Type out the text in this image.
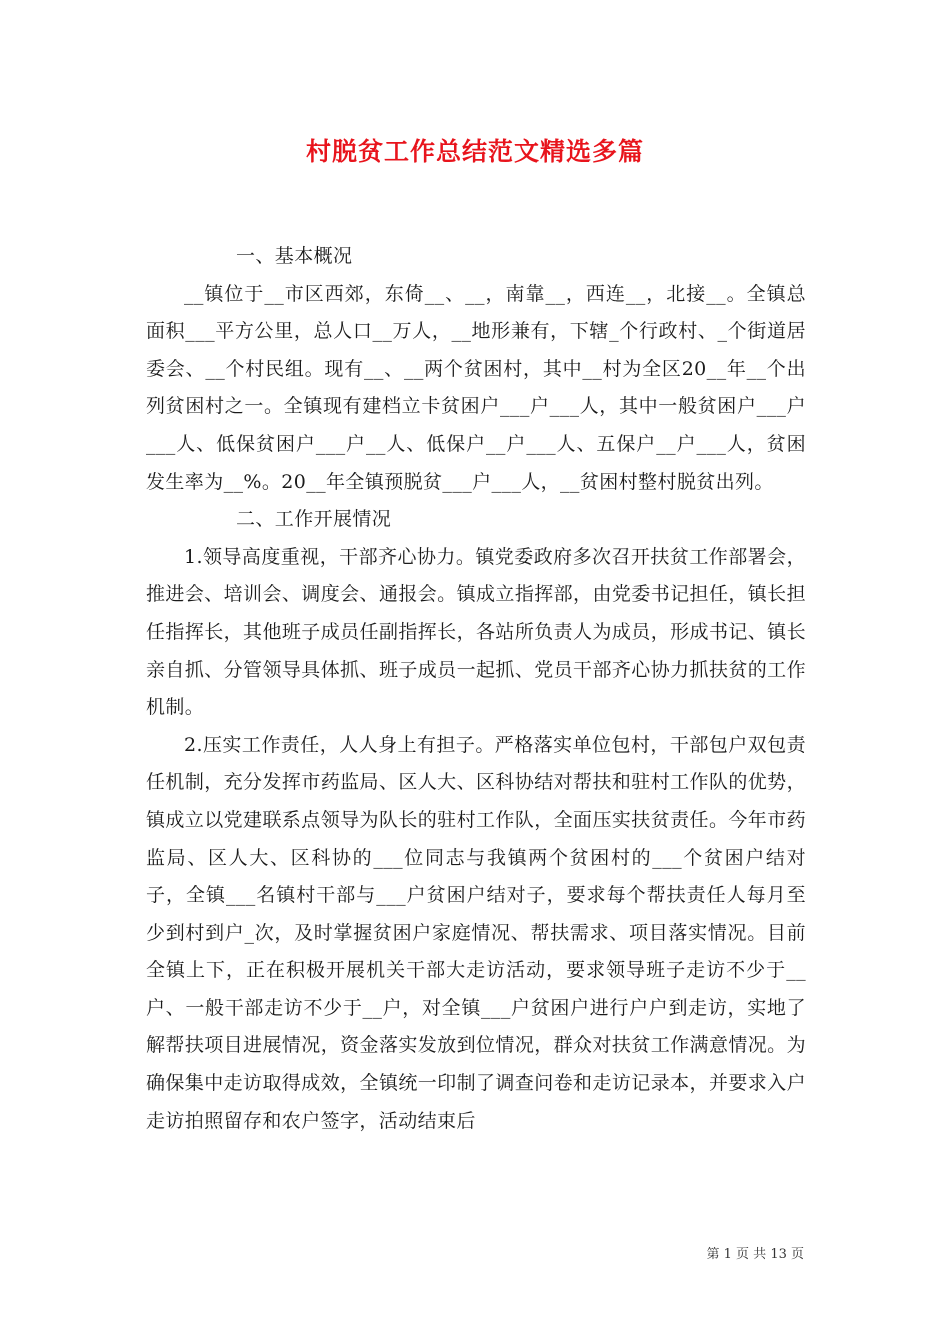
村脱贫工作总结范文精选多篇

一、基本概况

__镇位于__市区西郊，东倚__、__，南靠__，西连__，北接__。全镇总面积___平方公里，总人口__万人，__地形兼有，下辖_个行政村、_个街道居委会、__个村民组。现有__、__两个贫困村，其中__村为全区20__年__个出列贫困村之一。全镇现有建档立卡贫困户___户___人，其中一般贫困户___户___人、低保贫困户___户__人、低保户__户___人、五保户__户___人，贫困发生率为__%。20__年全镇预脱贫___户___人，__贫困村整村脱贫出列。

二、工作开展情况

1.领导高度重视，干部齐心协力。镇党委政府多次召开扶贫工作部署会，推进会、培训会、调度会、通报会。镇成立指挥部，由党委书记担任，镇长担任指挥长，其他班子成员任副指挥长，各站所负责人为成员，形成书记、镇长亲自抓、分管领导具体抓、班子成员一起抓、党员干部齐心协力抓扶贫的工作机制。

2.压实工作责任，人人身上有担子。严格落实单位包村，干部包户双包责任机制，充分发挥市药监局、区人大、区科协结对帮扶和驻村工作队的优势，镇成立以党建联系点领导为队长的驻村工作队，全面压实扶贫责任。今年市药监局、区人大、区科协的___位同志与我镇两个贫困村的___个贫困户结对子，全镇___名镇村干部与___户贫困户结对子，要求每个帮扶责任人每月至少到村到户_次，及时掌握贫困户家庭情况、帮扶需求、项目落实情况。目前全镇上下，正在积极开展机关干部大走访活动，要求领导班子走访不少于__户、一般干部走访不少于__户，对全镇___户贫困户进行户户到走访，实地了解帮扶项目进展情况，资金落实发放到位情况，群众对扶贫工作满意情况。为确保集中走访取得成效，全镇统一印制了调查问卷和走访记录本，并要求入户走访拍照留存和农户签字，活动结束后

第 1 页 共 13 页
